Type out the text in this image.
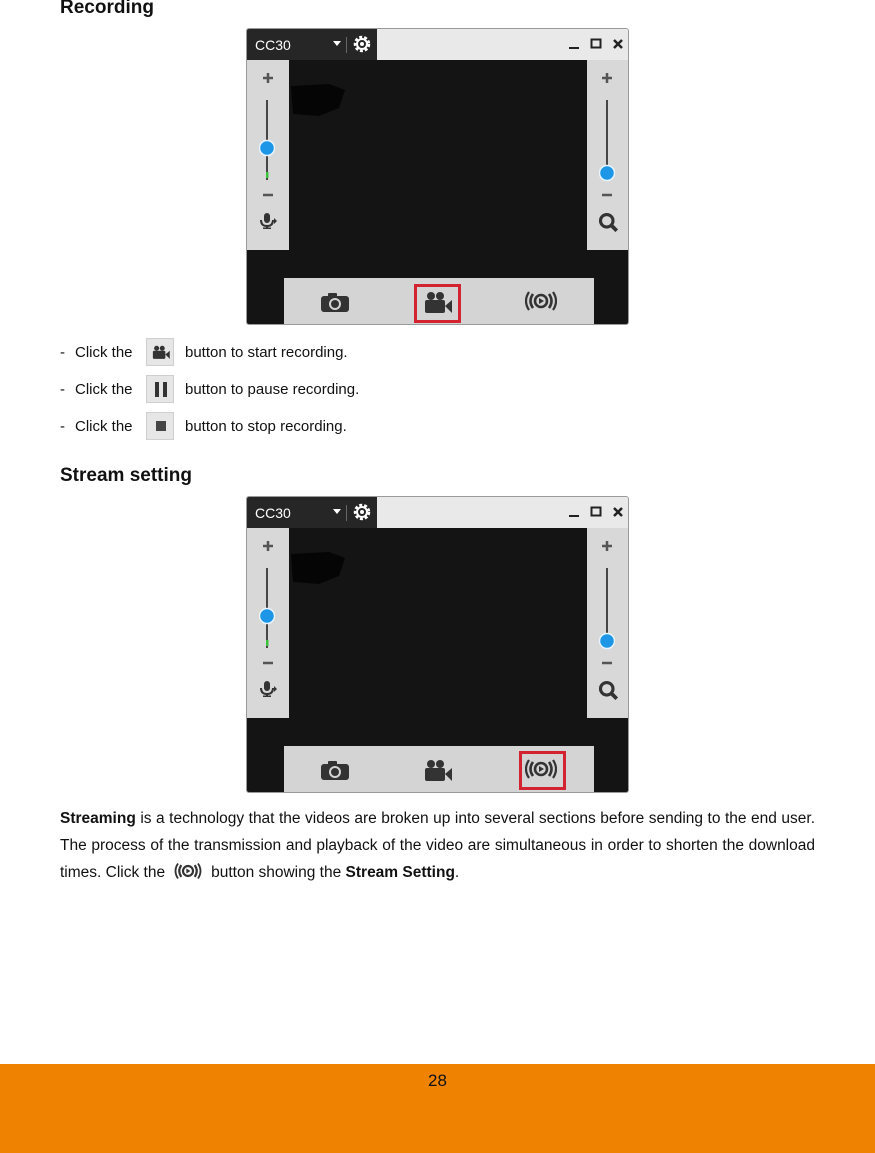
Recording
CC30
- Click the	button to start recording.
- Click the	button to pause recording.
- Click the	button to stop recording.
Stream setting
CC30

Streaming is a technology that the videos are broken up into several sections before sending to the end user. The process of the transmission and playback of the video are simultaneous in order to shorten the download times. Click the	button showing the Stream Setting.

28
